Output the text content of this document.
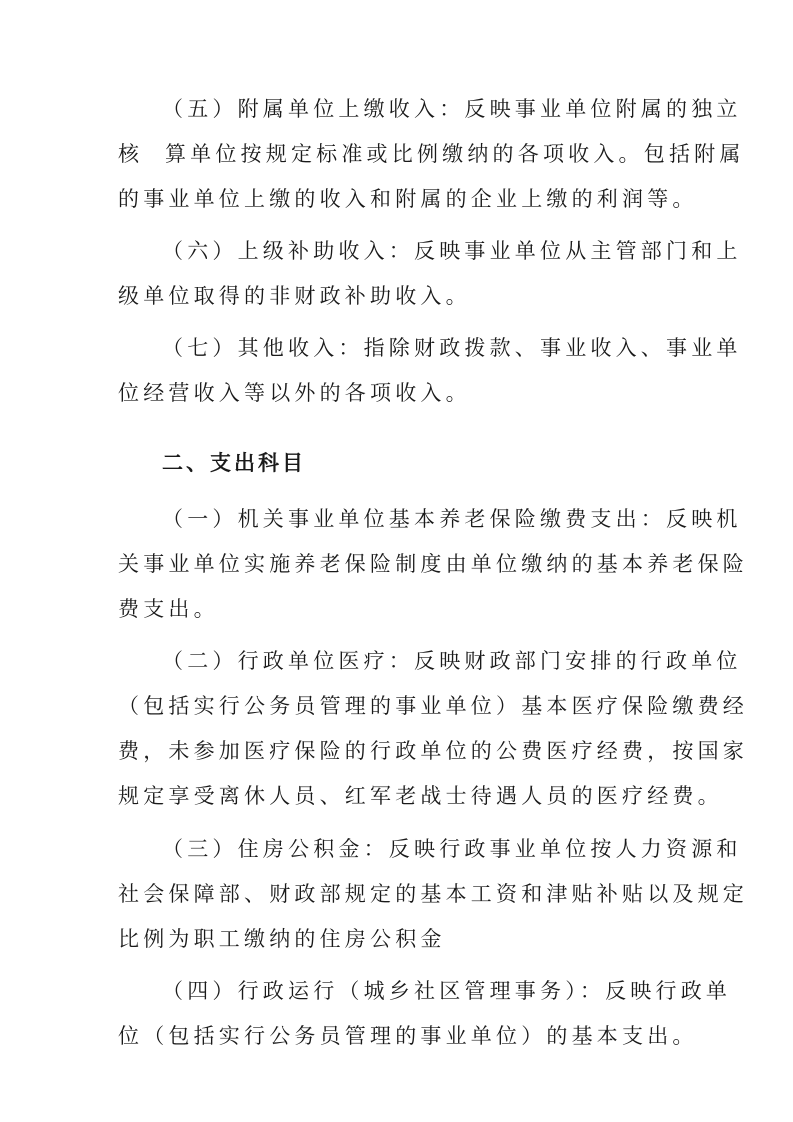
（五）附属单位上缴收入：反映事业单位附属的独立

核  算单位按规定标准或比例缴纳的各项收入。包括附属

的事业单位上缴的收入和附属的企业上缴的利润等。

（六）上级补助收入：反映事业单位从主管部门和上

级单位取得的非财政补助收入。

（七）其他收入：指除财政拨款、事业收入、事业单

位经营收入等以外的各项收入。

二、支出科目

（一）机关事业单位基本养老保险缴费支出：反映机

关事业单位实施养老保险制度由单位缴纳的基本养老保险

费支出。

（二）行政单位医疗：反映财政部门安排的行政单位

（包括实行公务员管理的事业单位）基本医疗保险缴费经

费，未参加医疗保险的行政单位的公费医疗经费，按国家

规定享受离休人员、红军老战士待遇人员的医疗经费。

（三）住房公积金：反映行政事业单位按人力资源和

社会保障部、财政部规定的基本工资和津贴补贴以及规定

比例为职工缴纳的住房公积金

（四）行政运行（城乡社区管理事务）：反映行政单

位（包括实行公务员管理的事业单位）的基本支出。
